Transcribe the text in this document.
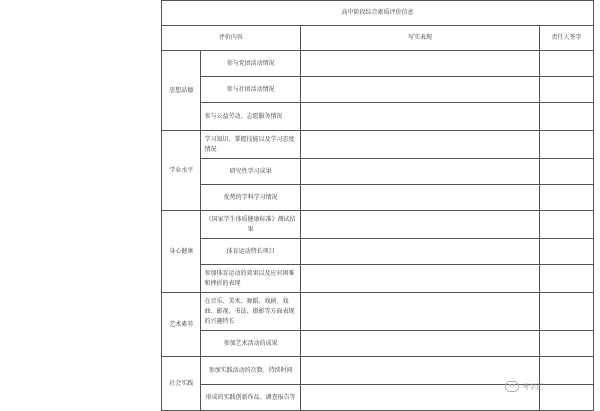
高中阶段综合素质评价信息			
评价内容		写实表现	责任人签字
思想品德	参与党团活动情况		
	参与社团活动情况		
	参与公益劳动、志愿服务情况		
学业水平	学习知识、掌握技能以及学习态度情况		
	研究性学习成果		
	优势的学科学习情况		
身心健康	《国家学生体质健康标准》测试结果		
	体育运动特长项目		
	参加体育运动的效果以及应对困难和挫折的表现		
艺术素养	在音乐、美术、舞蹈、戏剧、戏曲、影视、书法、摄影等方面表现的兴趣特长		
	参加艺术活动的成果		
社会实践	参加实践活动的次数、持续时间		
	形成的实践创新作品、调查报告等		
考学汇
